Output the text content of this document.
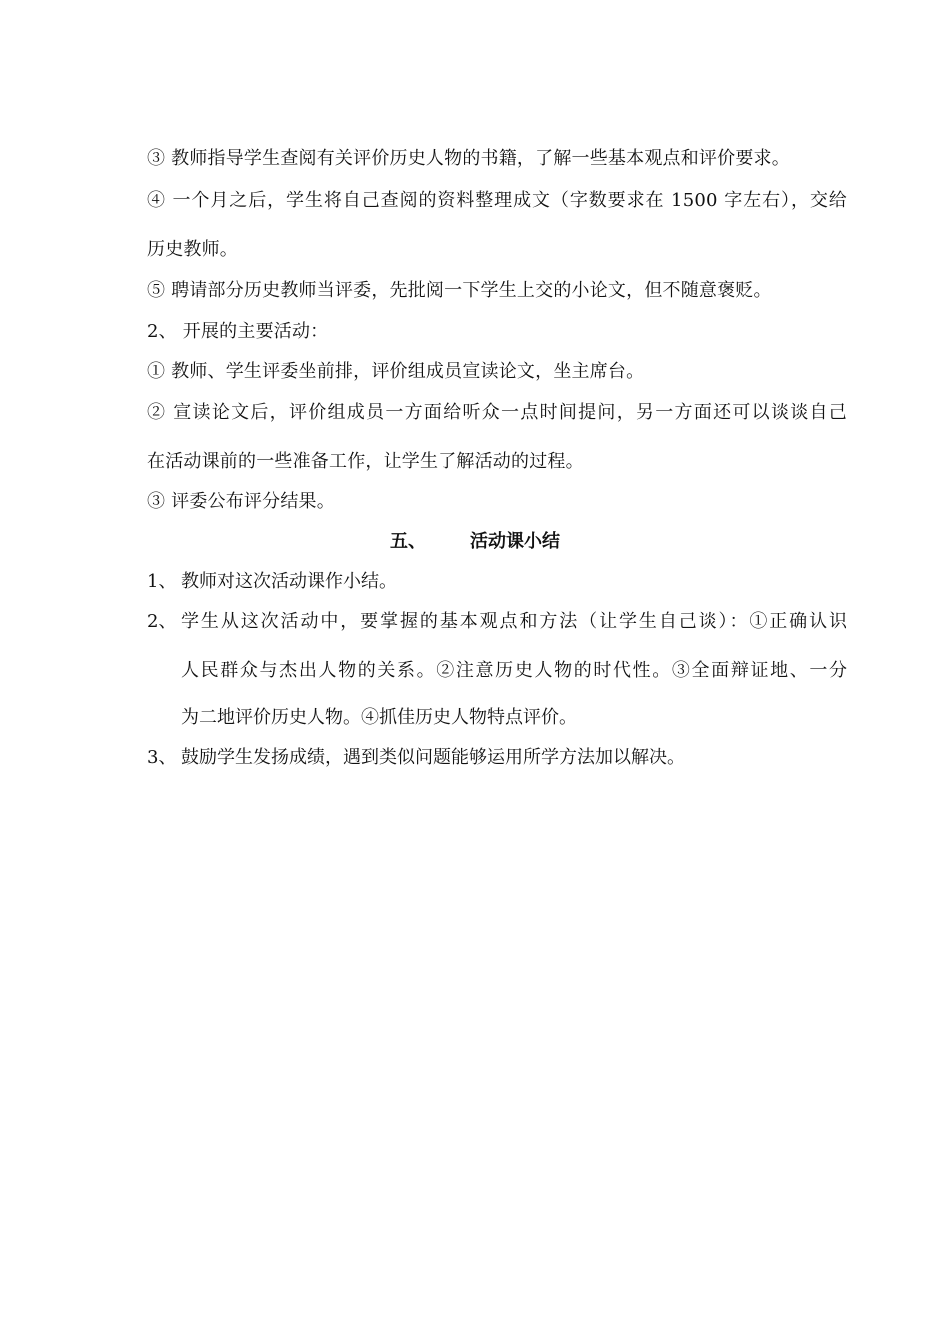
③ 教师指导学生查阅有关评价历史人物的书籍，了解一些基本观点和评价要求。
④ 一个月之后，学生将自己查阅的资料整理成文（字数要求在 1500 字左右），交给
历史教师。
⑤ 聘请部分历史教师当评委，先批阅一下学生上交的小论文，但不随意褒贬。
2、 开展的主要活动：
① 教师、学生评委坐前排，评价组成员宣读论文，坐主席台。
② 宣读论文后，评价组成员一方面给听众一点时间提问，另一方面还可以谈谈自己
在活动课前的一些准备工作，让学生了解活动的过程。
③ 评委公布评分结果。
五、 活动课小结
1、 教师对这次活动课作小结。
2、 学生从这次活动中，要掌握的基本观点和方法（让学生自己谈）：①正确认识
人民群众与杰出人物的关系。②注意历史人物的时代性。③全面辩证地、一分
为二地评价历史人物。④抓佳历史人物特点评价。
3、 鼓励学生发扬成绩，遇到类似问题能够运用所学方法加以解决。
